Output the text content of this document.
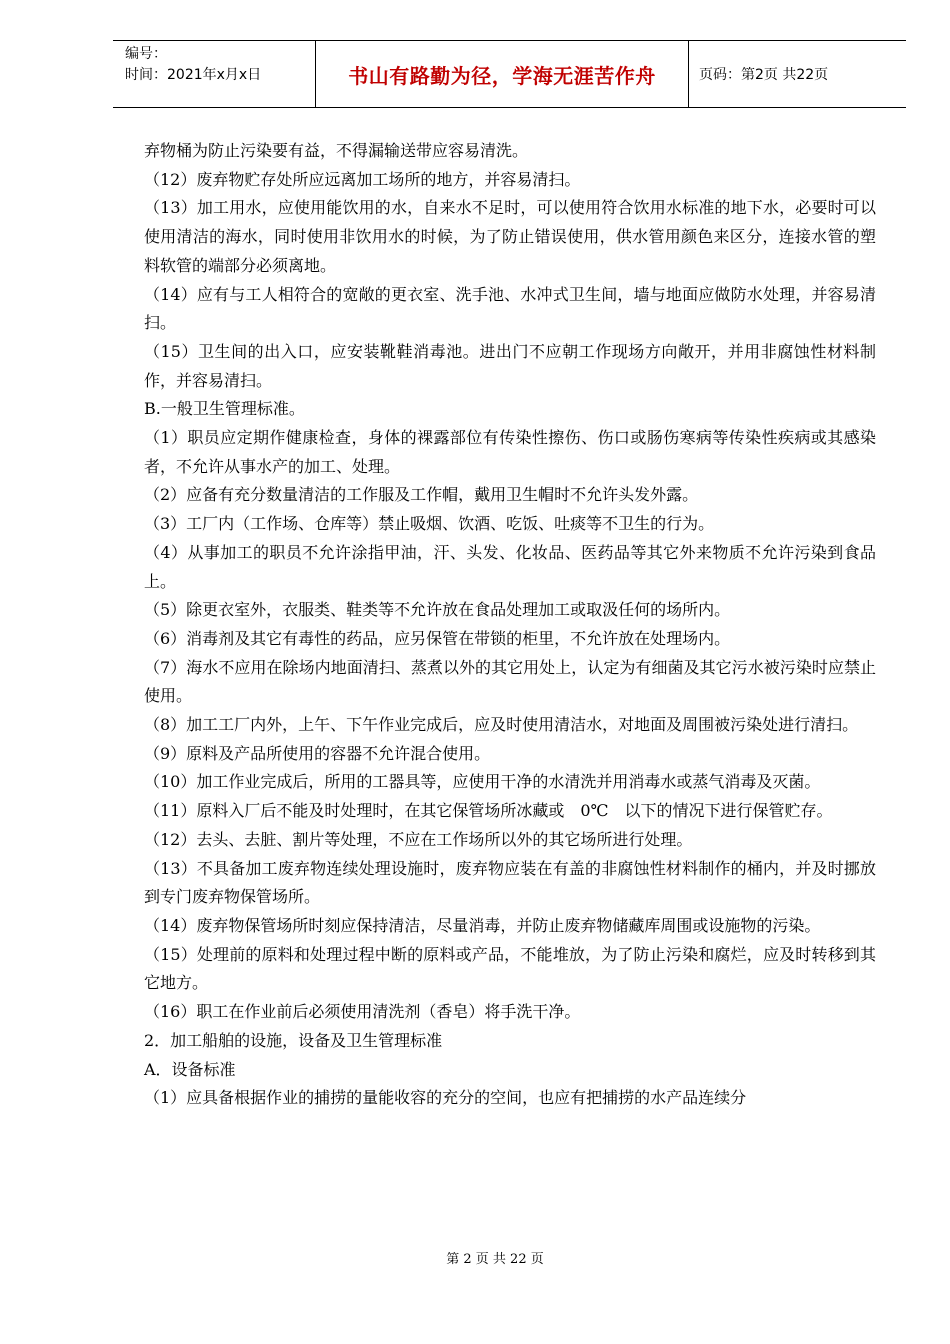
编号：
时间：2021年x月x日	书山有路勤为径，学海无涯苦作舟	页码：第2页 共22页

弃物桶为防止污染要有益，不得漏输送带应容易清洗。

（12）废弃物贮存处所应远离加工场所的地方，并容易清扫。

（13）加工用水，应使用能饮用的水，自来水不足时，可以使用符合饮用水标准的地下水，必要时可以使用清洁的海水，同时使用非饮用水的时候，为了防止错误使用，供水管用颜色来区分，连接水管的塑料软管的端部分必须离地。

（14）应有与工人相符合的宽敞的更衣室、洗手池、水冲式卫生间，墙与地面应做防水处理，并容易清扫。

（15）卫生间的出入口，应安装靴鞋消毒池。进出门不应朝工作现场方向敞开，并用非腐蚀性材料制作，并容易清扫。

B.一般卫生管理标准。

（1）职员应定期作健康检查，身体的裸露部位有传染性擦伤、伤口或肠伤寒病等传染性疾病或其感染者，不允许从事水产的加工、处理。

（2）应备有充分数量清洁的工作服及工作帽，戴用卫生帽时不允许头发外露。

（3）工厂内（工作场、仓库等）禁止吸烟、饮酒、吃饭、吐痰等不卫生的行为。

（4）从事加工的职员不允许涂指甲油，汗、头发、化妆品、医药品等其它外来物质不允许污染到食品上。

（5）除更衣室外，衣服类、鞋类等不允许放在食品处理加工或取汲任何的场所内。

（6）消毒剂及其它有毒性的药品，应另保管在带锁的柜里，不允许放在处理场内。

（7）海水不应用在除场内地面清扫、蒸煮以外的其它用处上，认定为有细菌及其它污水被污染时应禁止使用。

（8）加工工厂内外，上午、下午作业完成后，应及时使用清洁水，对地面及周围被污染处进行清扫。

（9）原料及产品所使用的容器不允许混合使用。

（10）加工作业完成后，所用的工器具等，应使用干净的水清洗并用消毒水或蒸气消毒及灭菌。

（11）原料入厂后不能及时处理时，在其它保管场所冰藏或　0℃　以下的情况下进行保管贮存。

（12）去头、去脏、割片等处理，不应在工作场所以外的其它场所进行处理。

（13）不具备加工废弃物连续处理设施时，废弃物应装在有盖的非腐蚀性材料制作的桶内，并及时挪放到专门废弃物保管场所。

（14）废弃物保管场所时刻应保持清洁，尽量消毒，并防止废弃物储藏库周围或设施物的污染。

（15）处理前的原料和处理过程中断的原料或产品，不能堆放，为了防止污染和腐烂，应及时转移到其它地方。

（16）职工在作业前后必须使用清洗剂（香皂）将手洗干净。

2．加工船舶的设施，设备及卫生管理标准

A．设备标准

（1）应具备根据作业的捕捞的量能收容的充分的空间，也应有把捕捞的水产品连续分

第 2 页 共 22 页
